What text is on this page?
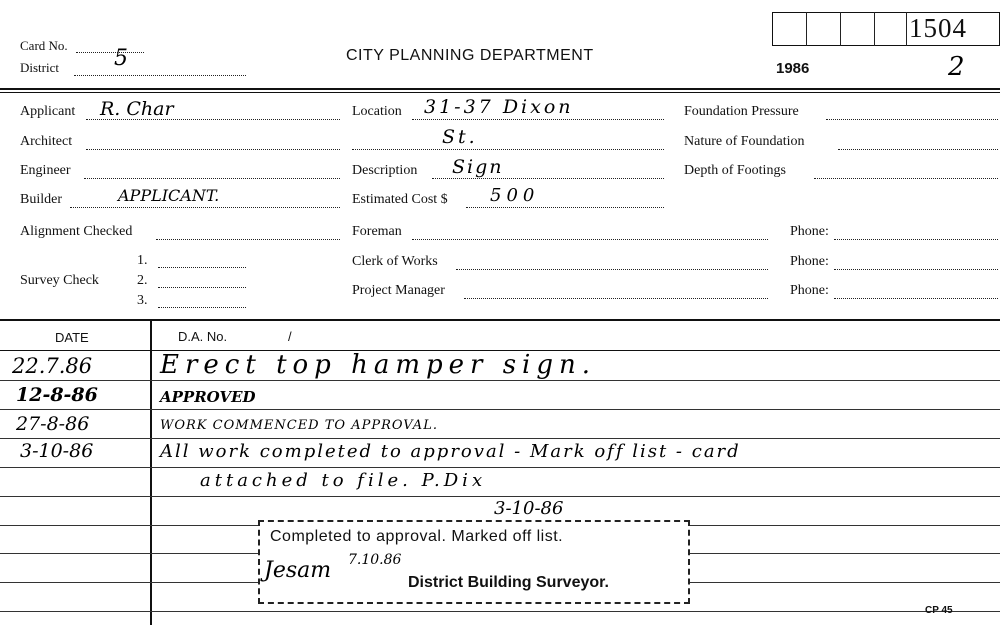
Card No.
District	5	CITY PLANNING DEPARTMENT
1504
1986	2
Applicant R. Char
Architect
Engineer
Builder	APPLICANT.
Alignment Checked
Survey Check
1.
2.
3.
Location 31-37 Dixon
St.
Description Sign
Estimated Cost $ 500
Foreman	Phone:
Clerk of Works	Phone:
Project Manager	Phone:
Foundation Pressure
Nature of Foundation
Depth of Footings
DATE	D.A. No.	/
22.7.86	Erect top hamper sign.
12-8-86	APPROVED
27-8-86	WORK COMMENCED TO APPROVAL.
3-10-86	All work completed to approval - Mark off list - card
attached to file. P.Dix
3-10-86
Completed to approval. Marked off list.
Jesam 7.10.86
District Building Surveyor.
CP 45
